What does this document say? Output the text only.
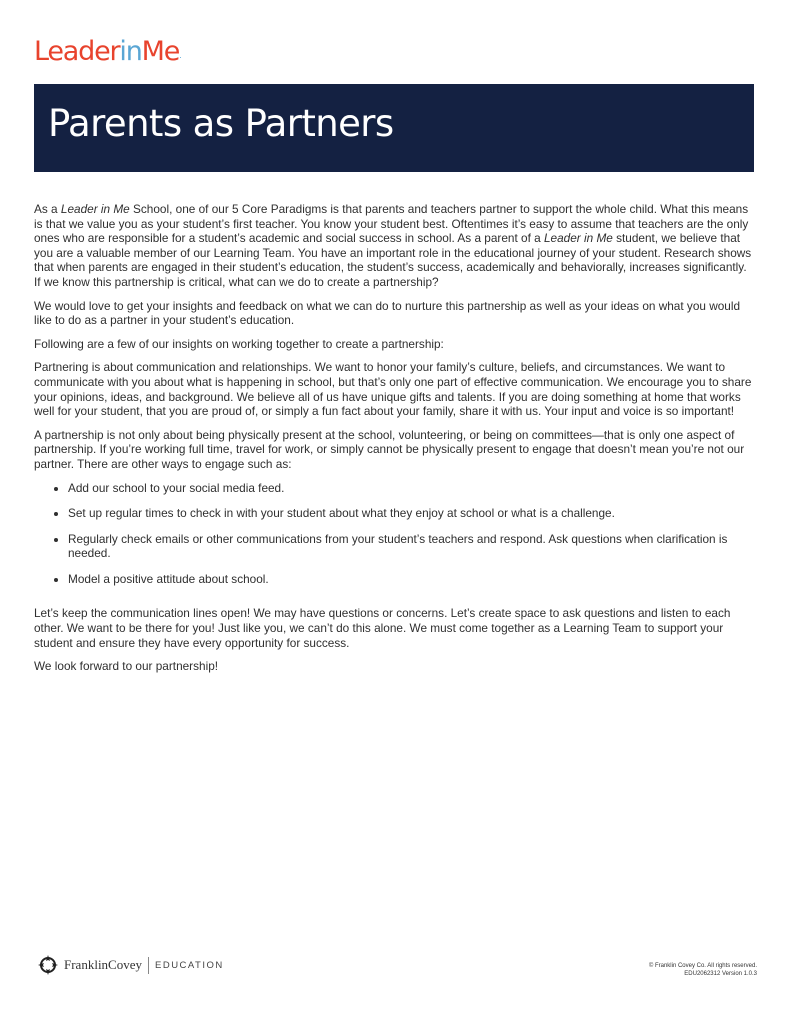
LeaderinMe.
Parents as Partners

As a Leader in Me School, one of our 5 Core Paradigms is that parents and teachers partner to support the whole child. What this means is that we value you as your student’s first teacher. You know your student best. Oftentimes it’s easy to assume that teachers are the only ones who are responsible for a student’s academic and social success in school. As a parent of a Leader in Me student, we believe that you are a valuable member of our Learning Team. You have an important role in the educational journey of your student. Research shows that when parents are engaged in their student’s education, the student’s success, academically and behaviorally, increases significantly. If we know this partnership is critical, what can we do to create a partnership?

We would love to get your insights and feedback on what we can do to nurture this partnership as well as your ideas on what you would like to do as a partner in your student’s education.

Following are a few of our insights on working together to create a partnership:

Partnering is about communication and relationships. We want to honor your family’s culture, beliefs, and circumstances. We want to communicate with you about what is happening in school, but that’s only one part of effective communication. We encourage you to share your opinions, ideas, and background. We believe all of us have unique gifts and talents. If you are doing something at home that works well for your student, that you are proud of, or simply a fun fact about your family, share it with us. Your input and voice is so important!

A partnership is not only about being physically present at the school, volunteering, or being on committees—that is only one aspect of partnership. If you’re working full time, travel for work, or simply cannot be physically present to engage that doesn’t mean you’re not our partner. There are other ways to engage such as:

• Add our school to your social media feed.
• Set up regular times to check in with your student about what they enjoy at school or what is a challenge.
• Regularly check emails or other communications from your student’s teachers and respond. Ask questions when clarification is needed.
• Model a positive attitude about school.

Let’s keep the communication lines open! We may have questions or concerns. Let’s create space to ask questions and listen to each other. We want to be there for you! Just like you, we can’t do this alone. We must come together as a Learning Team to support your student and ensure they have every opportunity for success.

We look forward to our partnership!

FranklinCovey EDUCATION	© Franklin Covey Co. All rights reserved.
EDU2062312 Version 1.0.3
